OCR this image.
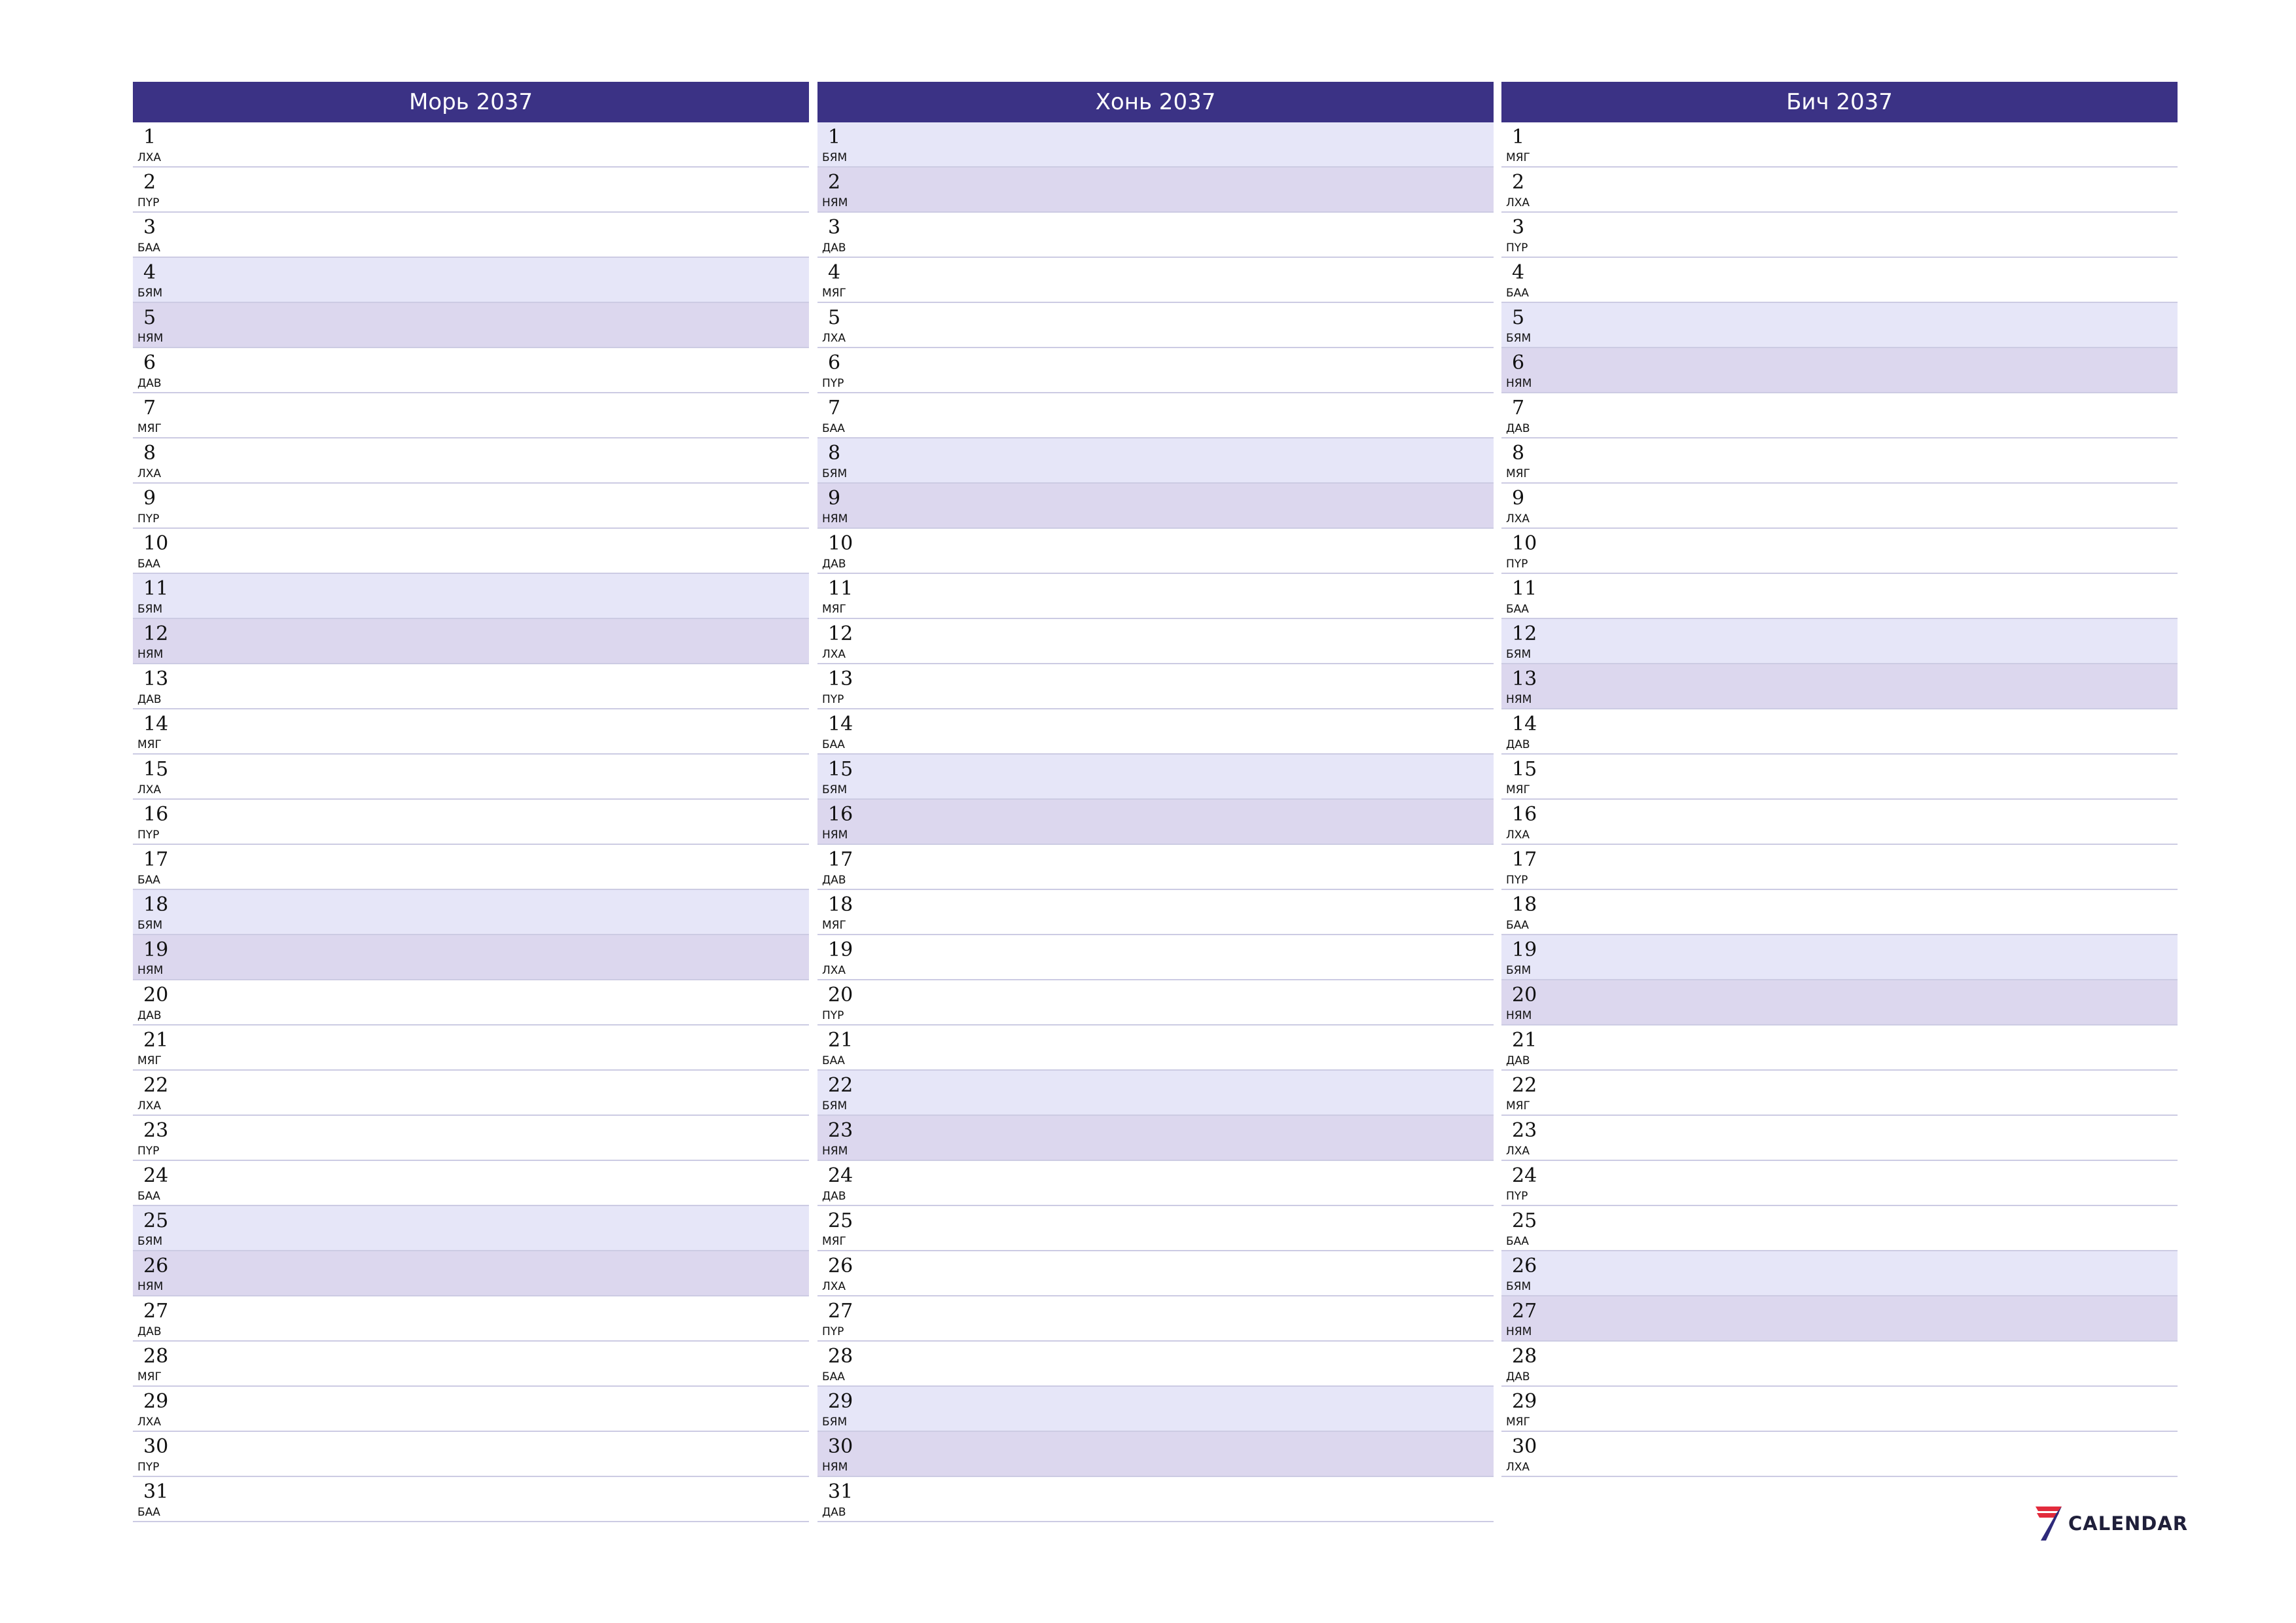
Морь 2037
1
ЛХА
2
ПҮР
3
БАА
4
БЯМ
5
НЯМ
6
ДАВ
7
МЯГ
8
ЛХА
9
ПҮР
10
БАА
11
БЯМ
12
НЯМ
13
ДАВ
14
МЯГ
15
ЛХА
16
ПҮР
17
БАА
18
БЯМ
19
НЯМ
20
ДАВ
21
МЯГ
22
ЛХА
23
ПҮР
24
БАА
25
БЯМ
26
НЯМ
27
ДАВ
28
МЯГ
29
ЛХА
30
ПҮР
31
БАА
Хонь 2037
1
БЯМ
2
НЯМ
3
ДАВ
4
МЯГ
5
ЛХА
6
ПҮР
7
БАА
8
БЯМ
9
НЯМ
10
ДАВ
11
МЯГ
12
ЛХА
13
ПҮР
14
БАА
15
БЯМ
16
НЯМ
17
ДАВ
18
МЯГ
19
ЛХА
20
ПҮР
21
БАА
22
БЯМ
23
НЯМ
24
ДАВ
25
МЯГ
26
ЛХА
27
ПҮР
28
БАА
29
БЯМ
30
НЯМ
31
ДАВ
Бич 2037
1
МЯГ
2
ЛХА
3
ПҮР
4
БАА
5
БЯМ
6
НЯМ
7
ДАВ
8
МЯГ
9
ЛХА
10
ПҮР
11
БАА
12
БЯМ
13
НЯМ
14
ДАВ
15
МЯГ
16
ЛХА
17
ПҮР
18
БАА
19
БЯМ
20
НЯМ
21
ДАВ
22
МЯГ
23
ЛХА
24
ПҮР
25
БАА
26
БЯМ
27
НЯМ
28
ДАВ
29
МЯГ
30
ЛХА
CALENDAR
